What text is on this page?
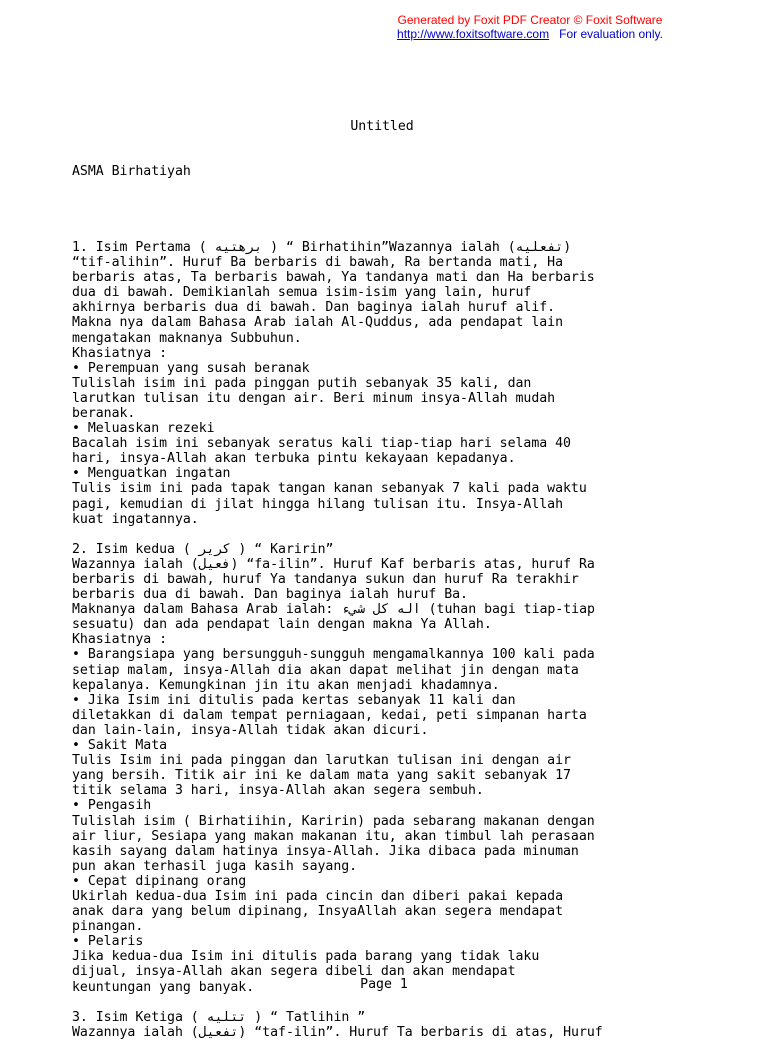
Generated by Foxit PDF Creator © Foxit Software
http://www.foxitsoftware.com For evaluation only.

Untitled

ASMA Birhatiyah

1. Isim Pertama ( برهتيه ) “ Birhatihin”Wazannya ialah (تفعليه)
“tif-alihin”. Huruf Ba berbaris di bawah, Ra bertanda mati, Ha
berbaris atas, Ta berbaris bawah, Ya tandanya mati dan Ha berbaris
dua di bawah. Demikianlah semua isim-isim yang lain, huruf
akhirnya berbaris dua di bawah. Dan baginya ialah huruf alif.
Makna nya dalam Bahasa Arab ialah Al-Quddus, ada pendapat lain
mengatakan maknanya Subbuhun.
Khasiatnya :
• Perempuan yang susah beranak
Tulislah isim ini pada pinggan putih sebanyak 35 kali, dan
larutkan tulisan itu dengan air. Beri minum insya-Allah mudah
beranak.
• Meluaskan rezeki
Bacalah isim ini sebanyak seratus kali tiap-tiap hari selama 40
hari, insya-Allah akan terbuka pintu kekayaan kepadanya.
• Menguatkan ingatan
Tulis isim ini pada tapak tangan kanan sebanyak 7 kali pada waktu
pagi, kemudian di jilat hingga hilang tulisan itu. Insya-Allah
kuat ingatannya.

2. Isim kedua ( كرير ) “ Karirin”
Wazannya ialah (فعيل) “fa-ilin”. Huruf Kaf berbaris atas, huruf Ra
berbaris di bawah, huruf Ya tandanya sukun dan huruf Ra terakhir
berbaris dua di bawah. Dan baginya ialah huruf Ba.
Maknanya dalam Bahasa Arab ialah: اله كل شيء (tuhan bagi tiap-tiap
sesuatu) dan ada pendapat lain dengan makna Ya Allah.
Khasiatnya :
• Barangsiapa yang bersungguh-sungguh mengamalkannya 100 kali pada
setiap malam, insya-Allah dia akan dapat melihat jin dengan mata
kepalanya. Kemungkinan jin itu akan menjadi khadamnya.
• Jika Isim ini ditulis pada kertas sebanyak 11 kali dan
diletakkan di dalam tempat perniagaan, kedai, peti simpanan harta
dan lain-lain, insya-Allah tidak akan dicuri.
• Sakit Mata
Tulis Isim ini pada pinggan dan larutkan tulisan ini dengan air
yang bersih. Titik air ini ke dalam mata yang sakit sebanyak 17
titik selama 3 hari, insya-Allah akan segera sembuh.
• Pengasih
Tulislah isim ( Birhatiihin, Karirin) pada sebarang makanan dengan
air liur, Sesiapa yang makan makanan itu, akan timbul lah perasaan
kasih sayang dalam hatinya insya-Allah. Jika dibaca pada minuman
pun akan terhasil juga kasih sayang.
• Cepat dipinang orang
Ukirlah kedua-dua Isim ini pada cincin dan diberi pakai kepada
anak dara yang belum dipinang, InsyaAllah akan segera mendapat
pinangan.
• Pelaris
Jika kedua-dua Isim ini ditulis pada barang yang tidak laku
dijual, insya-Allah akan segera dibeli dan akan mendapat
keuntungan yang banyak.

3. Isim Ketiga ( تتليه ) “ Tatlihin ”
Wazannya ialah (تفعيل) “taf-ilin”. Huruf Ta berbaris di atas, Huruf

Page 1
